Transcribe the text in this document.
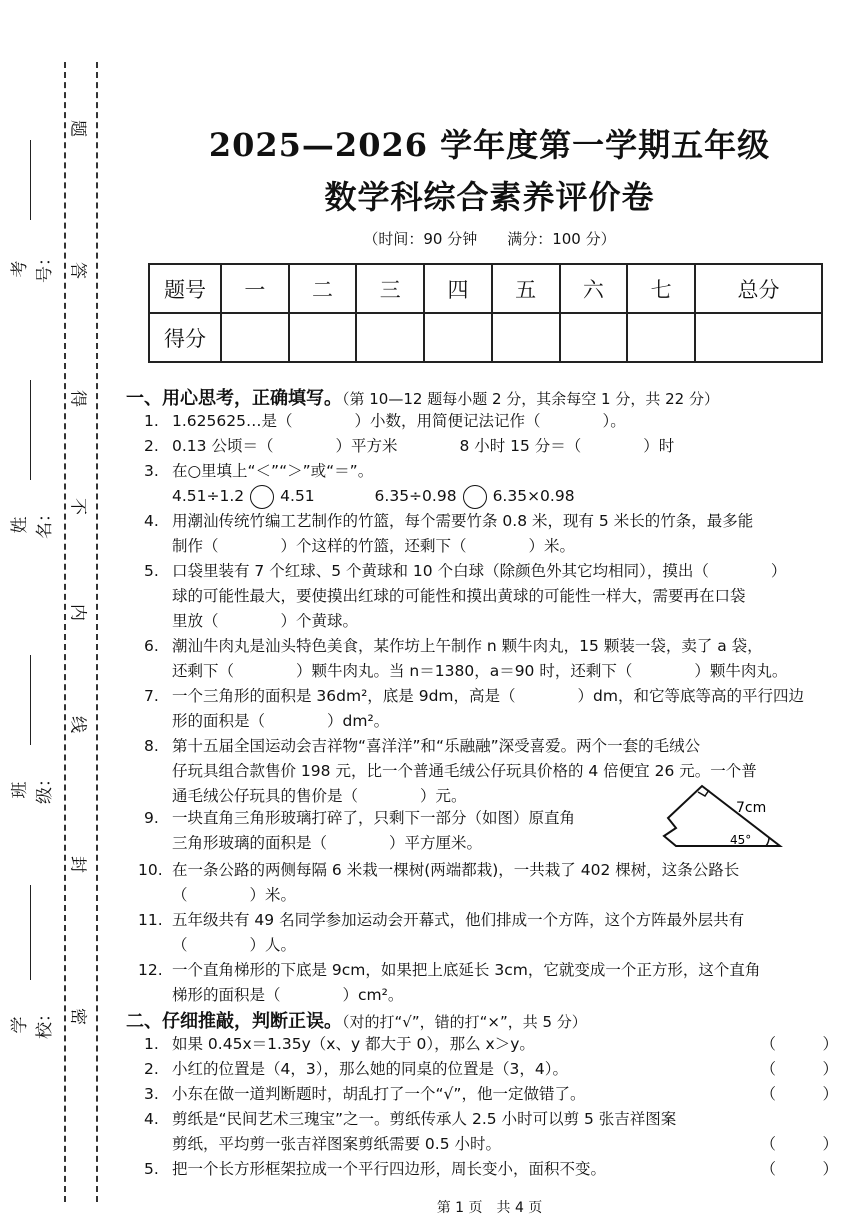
考号：
姓名：
班级：
学校：
题
答
得
不
内
线
封
密
2025—2026 学年度第一学期五年级
数学科综合素养评价卷
（时间：90 分钟　　满分：100 分）
题号	一	二	三	四	五	六	七	总分
得分								
一、用心思考，正确填写。（第 10—12 题每小题 2 分，其余每空 1 分，共 22 分）
1. 1.625625…是（　　　　）小数，用简便记法记作（　　　　）。
2. 0.13 公顷＝（　　　　）平方米　　　　8 小时 15 分＝（　　　　）时
3. 在○里填上“＜”“＞”或“＝”。
4.51÷1.2 4.51	6.35÷0.98 6.35×0.98
4. 用潮汕传统竹编工艺制作的竹篮，每个需要竹条 0.8 米，现有 5 米长的竹条，最多能
制作（　　　　）个这样的竹篮，还剩下（　　　　）米。
5. 口袋里装有 7 个红球、5 个黄球和 10 个白球（除颜色外其它均相同），摸出（　　　　）
球的可能性最大，要使摸出红球的可能性和摸出黄球的可能性一样大，需要再在口袋
里放（　　　　）个黄球。
6. 潮汕牛肉丸是汕头特色美食，某作坊上午制作 n 颗牛肉丸，15 颗装一袋，卖了 a 袋，
还剩下（　　　　）颗牛肉丸。当 n＝1380，a＝90 时，还剩下（　　　　）颗牛肉丸。
7. 一个三角形的面积是 36dm²，底是 9dm，高是（　　　　）dm，和它等底等高的平行四边
形的面积是（　　　　）dm²。
8. 第十五届全国运动会吉祥物“喜洋洋”和“乐融融”深受喜爱。两个一套的毛绒公
仔玩具组合款售价 198 元，比一个普通毛绒公仔玩具价格的 4 倍便宜 26 元。一个普
通毛绒公仔玩具的售价是（　　　　）元。
9. 一块直角三角形玻璃打碎了，只剩下一部分（如图）原直角
三角形玻璃的面积是（　　　　）平方厘米。
7cm
45°
10. 在一条公路的两侧每隔 6 米栽一棵树(两端都栽)，一共栽了 402 棵树，这条公路长
（　　　　）米。
11. 五年级共有 49 名同学参加运动会开幕式，他们排成一个方阵，这个方阵最外层共有
（　　　　）人。
12. 一个直角梯形的下底是 9cm，如果把上底延长 3cm，它就变成一个正方形，这个直角
梯形的面积是（　　　　）cm²。
二、仔细推敲，判断正误。（对的打“√”，错的打“×”，共 5 分）
1. 如果 0.45x＝1.35y（x、y 都大于 0），那么 x＞y。	（　　　）
2. 小红的位置是（4，3），那么她的同桌的位置是（3，4）。	（　　　）
3. 小东在做一道判断题时，胡乱打了一个“√”，他一定做错了。	（　　　）
4. 剪纸是“民间艺术三瑰宝”之一。剪纸传承人 2.5 小时可以剪 5 张吉祥图案
剪纸，平均剪一张吉祥图案剪纸需要 0.5 小时。	（　　　）
5. 把一个长方形框架拉成一个平行四边形，周长变小，面积不变。	（　　　）
第 1 页　共 4 页
